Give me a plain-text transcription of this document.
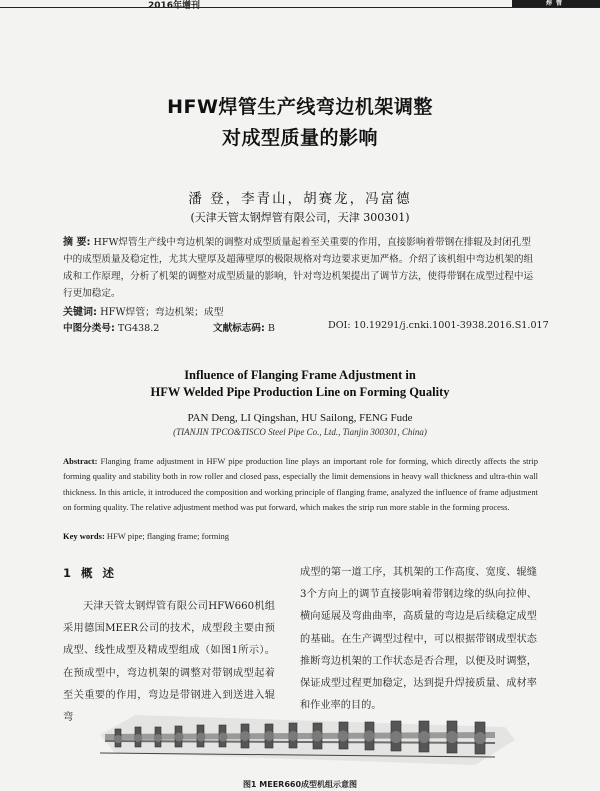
2016年增刊	焊管
HFW焊管生产线弯边机架调整
对成型质量的影响
潘 登，李青山，胡赛龙，冯富德
(天津天管太钢焊管有限公司，天津 300301)
摘 要: HFW焊管生产线中弯边机架的调整对成型质量起着至关重要的作用，直接影响着带钢在排辊及封闭孔型中的成型质量及稳定性，尤其大壁厚及超薄壁厚的极限规格对弯边要求更加严格。介绍了该机组中弯边机架的组成和工作原理，分析了机架的调整对成型质量的影响，针对弯边机架提出了调节方法，使得带钢在成型过程中运行更加稳定。
关键词: HFW焊管；弯边机架；成型
中图分类号: TG438.2	文献标志码: B	DOI: 10.19291/j.cnki.1001-3938.2016.S1.017
Influence of Flanging Frame Adjustment in
HFW Welded Pipe Production Line on Forming Quality
PAN Deng, LI Qingshan, HU Sailong, FENG Fude
(TIANJIN TPCO&TISCO Steel Pipe Co., Ltd., Tianjin 300301, China)
Abstract: Flanging frame adjustment in HFW pipe production line plays an important role for forming, which directly affects the strip forming quality and stability both in row roller and closed pass, especially the limit demensions in heavy wall thickness and ultra-thin wall thickness. In this article, it introduced the composition and working principle of flanging frame, analyzed the influence of frame adjustment on forming quality. The relative adjustment method was put forward, which makes the strip run more stable in the forming process.
Key words: HFW pipe; flanging frame; forming
1 概 述
天津天管太钢焊管有限公司HFW660机组采用德国MEER公司的技术，成型段主要由预成型、线性成型及精成型组成（如图1所示）。在预成型中，弯边机架的调整对带钢成型起着至关重要的作用，弯边是带钢进入到送进入辊弯
成型的第一道工序，其机架的工作高度、宽度、辊缝3个方向上的调节直接影响着带钢边缘的纵向拉伸、横向延展及弯曲曲率，高质量的弯边是后续稳定成型的基础。在生产调型过程中，可以根据带钢成型状态推断弯边机架的工作状态是否合理，以便及时调整，保证成型过程更加稳定，达到提升焊接质量、成材率和作业率的目的。
图1 MEER660成型机组示意图
